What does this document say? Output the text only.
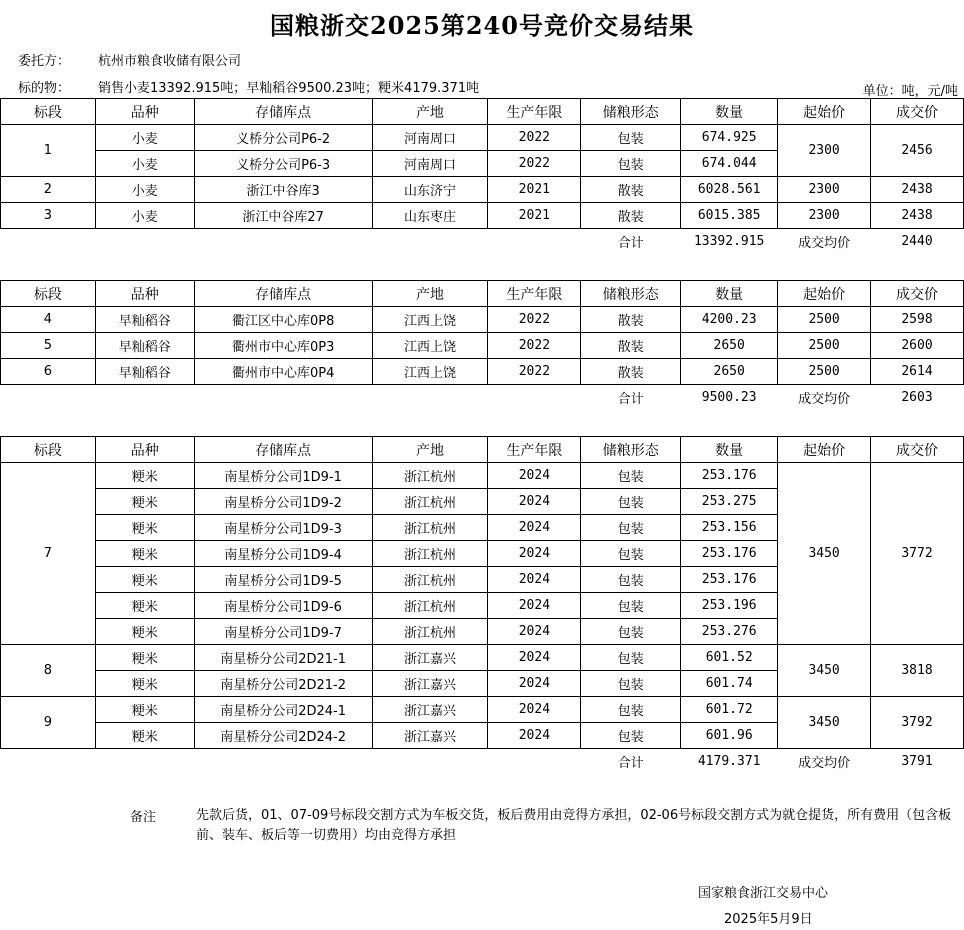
国粮浙交2025第240号竞价交易结果
委托方： 杭州市粮食收储有限公司
标的物： 销售小麦13392.915吨；早籼稻谷9500.23吨；粳米4179.371吨	单位：吨，元/吨
标段	品种	存储库点	产地	生产年限	储粮形态	数量	起始价	成交价
1	小麦	义桥分公司P6-2	河南周口	2022	包装	674.925	2300	2456
	小麦	义桥分公司P6-3	河南周口	2022	包装	674.044		
2	小麦	浙江中谷库3	山东济宁	2021	散装	6028.561	2300	2438
3	小麦	浙江中谷库27	山东枣庄	2021	散装	6015.385	2300	2438
					合计	13392.915	成交均价	2440
标段	品种	存储库点	产地	生产年限	储粮形态	数量	起始价	成交价
4	早籼稻谷	衢江区中心库0P8	江西上饶	2022	散装	4200.23	2500	2598
5	早籼稻谷	衢州市中心库0P3	江西上饶	2022	散装	2650	2500	2600
6	早籼稻谷	衢州市中心库0P4	江西上饶	2022	散装	2650	2500	2614
					合计	9500.23	成交均价	2603
标段	品种	存储库点	产地	生产年限	储粮形态	数量	起始价	成交价
7	粳米	南星桥分公司1D9-1	浙江杭州	2024	包装	253.176	3450	3772
	粳米	南星桥分公司1D9-2	浙江杭州	2024	包装	253.275		
	粳米	南星桥分公司1D9-3	浙江杭州	2024	包装	253.156		
	粳米	南星桥分公司1D9-4	浙江杭州	2024	包装	253.176		
	粳米	南星桥分公司1D9-5	浙江杭州	2024	包装	253.176		
	粳米	南星桥分公司1D9-6	浙江杭州	2024	包装	253.196		
	粳米	南星桥分公司1D9-7	浙江杭州	2024	包装	253.276		
8	粳米	南星桥分公司2D21-1	浙江嘉兴	2024	包装	601.52	3450	3818
	粳米	南星桥分公司2D21-2	浙江嘉兴	2024	包装	601.74		
9	粳米	南星桥分公司2D24-1	浙江嘉兴	2024	包装	601.72	3450	3792
	粳米	南星桥分公司2D24-2	浙江嘉兴	2024	包装	601.96		
					合计	4179.371	成交均价	3791
备注	先款后货，01、07-09号标段交割方式为车板交货，板后费用由竞得方承担，02-06号标段交割方式为就仓提货，所有费用（包含板前、装车、板后等一切费用）均由竞得方承担
国家粮食浙江交易中心
2025年5月9日
